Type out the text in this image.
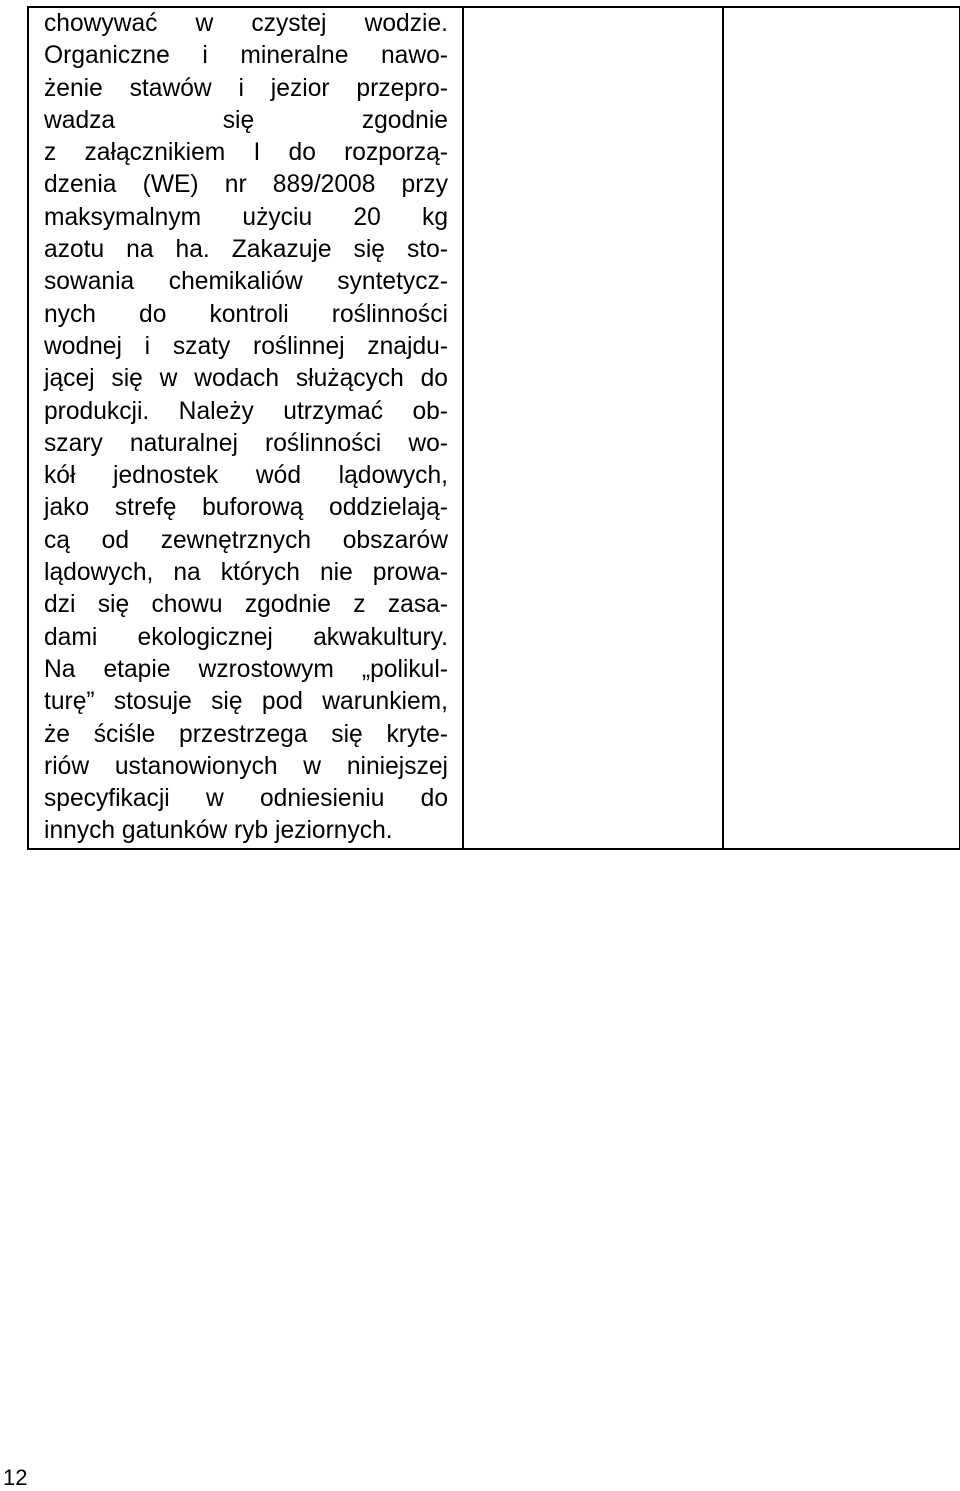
chowywać w czystej wodzie.
Organiczne i mineralne nawo-
żenie stawów i jezior przepro-
wadza się zgodnie
z załącznikiem I do rozporzą-
dzenia (WE) nr 889/2008 przy
maksymalnym użyciu 20 kg
azotu na ha. Zakazuje się sto-
sowania chemikaliów syntetycz-
nych do kontroli roślinności
wodnej i szaty roślinnej znajdu-
jącej się w wodach służących do
produkcji. Należy utrzymać ob-
szary naturalnej roślinności wo-
kół jednostek wód lądowych,
jako strefę buforową oddzielają-
cą od zewnętrznych obszarów
lądowych, na których nie prowa-
dzi się chowu zgodnie z zasa-
dami ekologicznej akwakultury.
Na etapie wzrostowym „polikul-
turę” stosuje się pod warunkiem,
że ściśle przestrzega się kryte-
riów ustanowionych w niniejszej
specyfikacji w odniesieniu do
innych gatunków ryb jeziornych.

12
